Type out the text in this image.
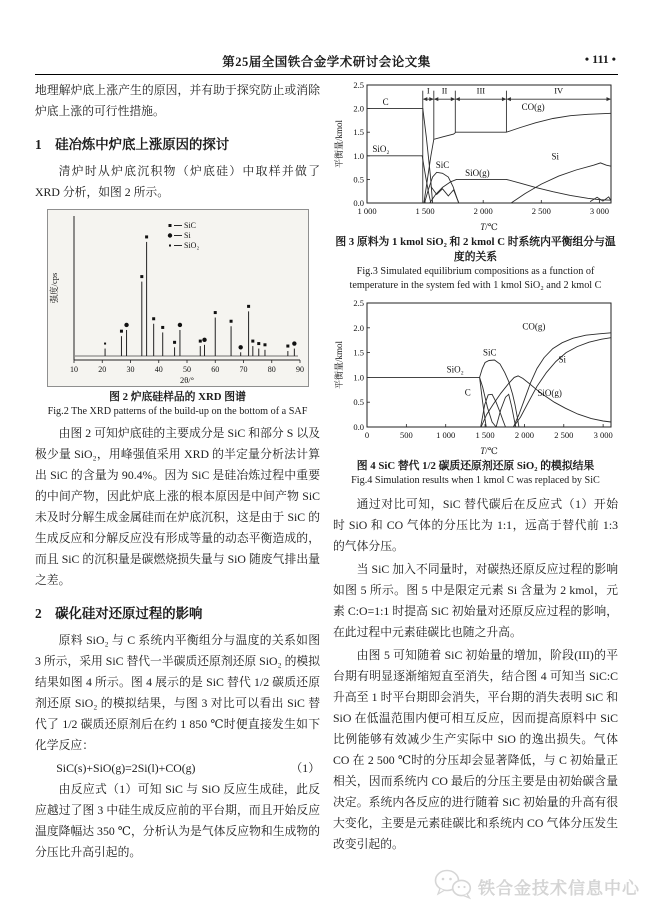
第25届全国铁合金学术研讨会论文集	• 111 •

地理解炉底上涨产生的原因，并有助于探究防止或消除炉底上涨的可行性措施。

1　硅冶炼中炉底上涨原因的探讨

清炉时从炉底沉积物（炉底硅）中取样并做了 XRD 分析，如图 2 所示。

10	20	30	40	50	60	70	80	90
2θ/°
强度/cps
SiC
Si
SiO₂
图 2 炉底硅样品的 XRD 图谱
Fig.2 The XRD patterns of the build-up on the bottom of a SAF

由图 2 可知炉底硅的主要成分是 SiC 和部分 S 以及极少量 SiO₂，用峰强值采用 XRD 的半定量分析法计算出 SiC 的含量为 90.4%。因为 SiC 是硅冶炼过程中重要的中间产物，因此炉底上涨的根本原因是中间产物 SiC 未及时分解生成金属硅而在炉底沉积，这是由于 SiC 的生成反应和分解反应没有形成等量的动态平衡造成的，而且 SiC 的沉积量是碳燃烧损失量与 SiO 随废气排出量之差。

2　碳化硅对还原过程的影响

原料 SiO₂ 与 C 系统内平衡组分与温度的关系如图 3 所示，采用 SiC 替代一半碳质还原剂还原 SiO₂ 的模拟结果如图 4 所示。图 4 展示的是 SiC 替代 1/2 碳质还原剂还原 SiO₂ 的模拟结果，与图 3 对比可以看出 SiC 替代了 1/2 碳质还原剂后在约 1 850 ℃时便直接发生如下化学反应：

SiC(s)+SiO(g)=2Si(l)+CO(g)	（1）

由反应式（1）可知 SiC 与 SiO 反应生成硅，此反应越过了图 3 中硅生成反应前的平台期，而且开始反应温度降幅达 350 ℃，分析认为是气体反应物和生成物的分压比升高引起的。

1 000	1 500	2 000	2 500	3 000
0.0
0.5
1.0
1.5
2.0
2.5
T/℃
平衡量/kmol
I II	III	IV
C
SiO₂
SiC
SiO(g)
CO(g)
Si
图 3 原料为 1 kmol SiO₂ 和 2 kmol C 时系统内平衡组分与温度的关系
Fig.3 Simulated equilibrium compositions as a function of temperature in the system fed with 1 kmol SiO₂ and 2 kmol C
0	500	1 000 1 500 2 000 2 500 3 000
0.0
0.5
1.0
1.5
2.0
2.5
T/℃
平衡量/kmol	SiO₂
C
SiC
CO(g)
Si
SiO(g)
图 4 SiC 替代 1/2 碳质还原剂还原 SiO₂ 的模拟结果
Fig.4 Simulation results when 1 kmol C was replaced by SiC

通过对比可知，SiC 替代碳后在反应式（1）开始时 SiO 和 CO 气体的分压比为 1:1，远高于替代前 1:3 的气体分压。

当 SiC 加入不同量时，对碳热还原反应过程的影响如图 5 所示。图 5 中是限定元素 Si 含量为 2 kmol，元素 C:O=1:1 时提高 SiC 初始量对还原反应过程的影响，在此过程中元素硅碳比也随之升高。

由图 5 可知随着 SiC 初始量的增加，阶段(III)的平台期有明显逐渐缩短直至消失，结合图 4 可知当 SiC:C 升高至 1 时平台期即会消失，平台期的消失表明 SiC 和 SiO 在低温范围内便可相互反应，因而提高原料中 SiC 比例能够有效减少生产实际中 SiO 的逸出损失。气体 CO 在 2 500 ℃时的分压却会显著降低，与 C 初始量正相关，因而系统内 CO 最后的分压主要是由初始碳含量决定。系统内各反应的进行随着 SiC 初始量的升高有很大变化，主要是元素硅碳比和系统内 CO 气体分压发生改变引起的。

铁合金技术信息中心
